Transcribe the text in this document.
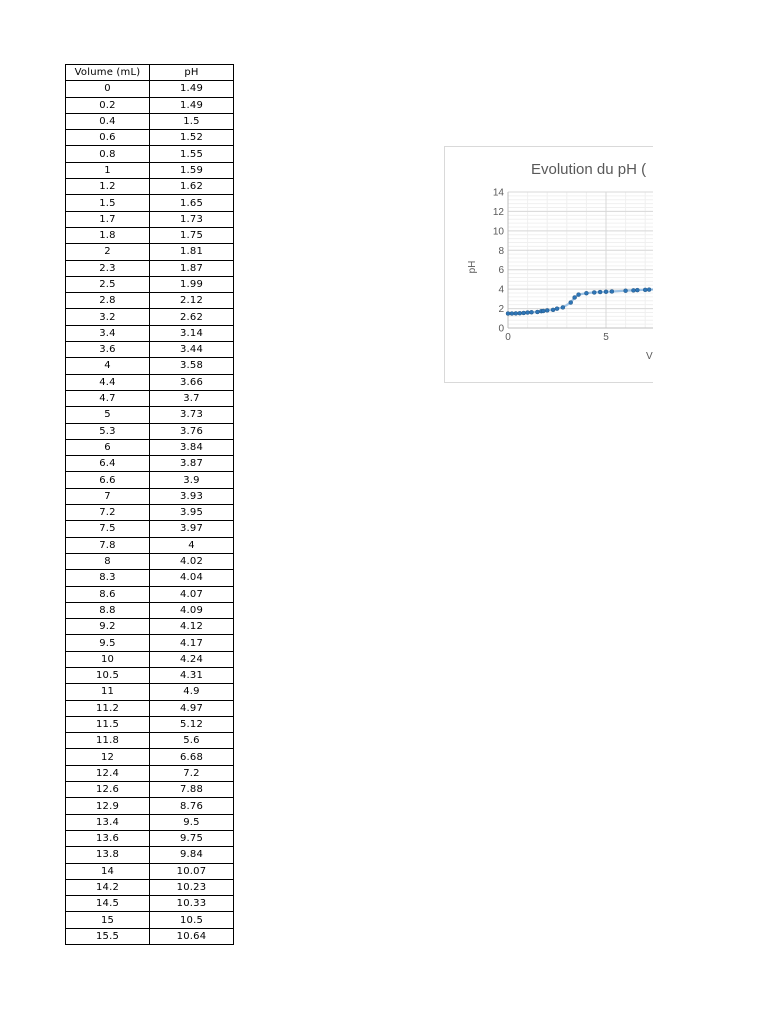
Volume (mL)	pH
0	1.49
0.2	1.49
0.4	1.5
0.6	1.52
0.8	1.55
1	1.59
1.2	1.62
1.5	1.65
1.7	1.73
1.8	1.75
2	1.81
2.3	1.87
2.5	1.99
2.8	2.12
3.2	2.62
3.4	3.14
3.6	3.44
4	3.58
4.4	3.66
4.7	3.7
5	3.73
5.3	3.76
6	3.84
6.4	3.87
6.6	3.9
7	3.93
7.2	3.95
7.5	3.97
7.8	4
8	4.02
8.3	4.04
8.6	4.07
8.8	4.09
9.2	4.12
9.5	4.17
10	4.24
10.5	4.31
11	4.9
11.2	4.97
11.5	5.12
11.8	5.6
12	6.68
12.4	7.2
12.6	7.88
12.9	8.76
13.4	9.5
13.6	9.75
13.8	9.84
14	10.07
14.2	10.23
14.5	10.33
15	10.5
15.5	10.64
0
2
4
6
8
10
12
14
0	5
Evolution du pH (
pH
V
